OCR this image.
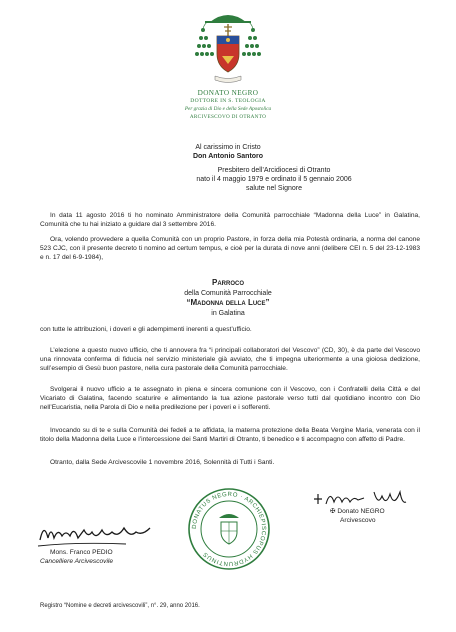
DONATO NEGRO
DOTTORE IN S. TEOLOGIA
Per grazia di Dio e della Sede Apostolica
ARCIVESCOVO DI OTRANTO
Al carissimo in Cristo
Don Antonio Santoro
Presbitero dell’Arcidiocesi di Otranto
nato il 4 maggio 1979 e ordinato il 5 gennaio 2006
salute nel Signore
In data 11 agosto 2016 ti ho nominato Amministratore della Comunità parrocchiale “Madonna della Luce” in Galatina, Comunità che tu hai iniziato a guidare dal 3 settembre 2016.
Ora, volendo provvedere a quella Comunità con un proprio Pastore, in forza della mia Potestà ordinaria, a norma del canone 523 CJC, con il presente decreto ti nomino ad certum tempus, e cioè per la durata di nove anni (delibere CEI n. 5 del 23-12-1983 e n. 17 del 6-9-1984),
Parroco
della Comunità Parrocchiale
“Madonna della Luce”
in Galatina
con tutte le attribuzioni, i doveri e gli adempimenti inerenti a quest’ufficio.
L’elezione a questo nuovo ufficio, che ti annovera fra “i principali collaboratori del Vescovo” (CD, 30), è da parte del Vescovo una rinnovata conferma di fiducia nel servizio ministeriale già avviato, che ti impegna ulteriormente a una gioiosa dedizione, sull’esempio di Gesù buon pastore, nella cura pastorale della Comunità parrocchiale.
Svolgerai il nuovo ufficio a te assegnato in piena e sincera comunione con il Vescovo, con i Confratelli della Città e del Vicariato di Galatina, facendo scaturire e alimentando la tua azione pastorale verso tutti dal quotidiano incontro con Dio nell’Eucaristia, nella Parola di Dio e nella predilezione per i poveri e i sofferenti.
Invocando su di te e sulla Comunità dei fedeli a te affidata, la materna protezione della Beata Vergine Maria, venerata con il titolo della Madonna della Luce e l’intercessione dei Santi Martiri di Otranto, ti benedico e ti accompagno con affetto di Padre.
Otranto, dalla Sede Arcivescovile 1 novembre 2016, Solennità di Tutti i Santi.
Mons. Franco PEDIO
Cancelliere Arcivescovile
DONATUS NEGRO · ARCHIEPISCOPUS HYDRUNTINUS
✠ Donato NEGRO
Arcivescovo
Registro “Nomine e decreti arcivescovili”, n°. 29, anno 2016.
